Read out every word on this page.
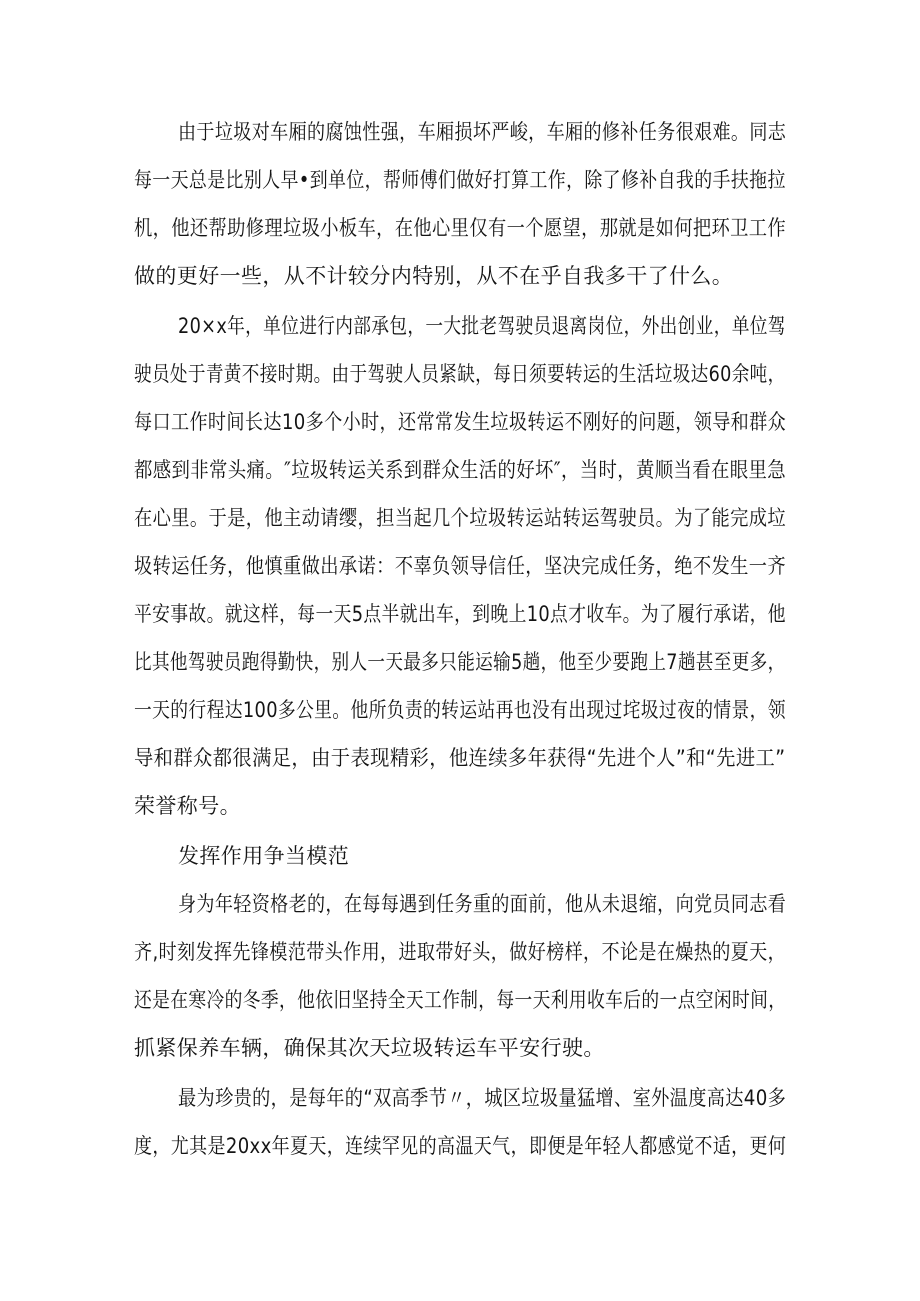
由于垃圾对车厢的腐蚀性强，车厢损坏严峻，车厢的修补任务很艰难。同志
每一天总是比别人早•到单位，帮师傅们做好打算工作，除了修补自我的手扶拖拉
机，他还帮助修理垃圾小板车，在他心里仅有一个愿望，那就是如何把环卫工作
做的更好一些，从不计较分内特别，从不在乎自我多干了什么。
20×x年，单位进行内部承包，一大批老驾驶员退离岗位，外出创业，单位驾
驶员处于青黄不接时期。由于驾驶人员紧缺，每日须要转运的生活垃圾达60余吨，
每口工作时间长达10多个小时，还常常发生垃圾转运不刚好的问题，领导和群众
都感到非常头痛。″垃圾转运关系到群众生活的好坏″，当时，黄顺当看在眼里急
在心里。于是，他主动请缨，担当起几个垃圾转运站转运驾驶员。为了能完成垃
圾转运任务，他慎重做出承诺：不辜负领导信任，坚决完成任务，绝不发生一齐
平安事故。就这样，每一天5点半就出车，到晚上10点才收车。为了履行承诺，他
比其他驾驶员跑得勤快，别人一天最多只能运输5趟，他至少要跑上7趟甚至更多，
一天的行程达100多公里。他所负责的转运站再也没有出现过垞圾过夜的情景，领
导和群众都很满足，由于表现精彩，他连续多年获得“先进个人”和“先进工”
荣誉称号。
发挥作用争当模范
身为年轻资格老的，在每每遇到任务重的面前，他从未退缩，向党员同志看
齐,时刻发挥先锋模范带头作用，进取带好头，做好榜样，不论是在燥热的夏天，
还是在寒冷的冬季，他依旧坚持全天工作制，每一天利用收车后的一点空闲时间，
抓紧保养车辆，确保其次天垃圾转运车平安行驶。
最为珍贵的，是每年的“双高季节〃，城区垃圾量猛增、室外温度高达40多
度，尤其是20xx年夏天，连续罕见的高温天气，即便是年轻人都感觉不适，更何
